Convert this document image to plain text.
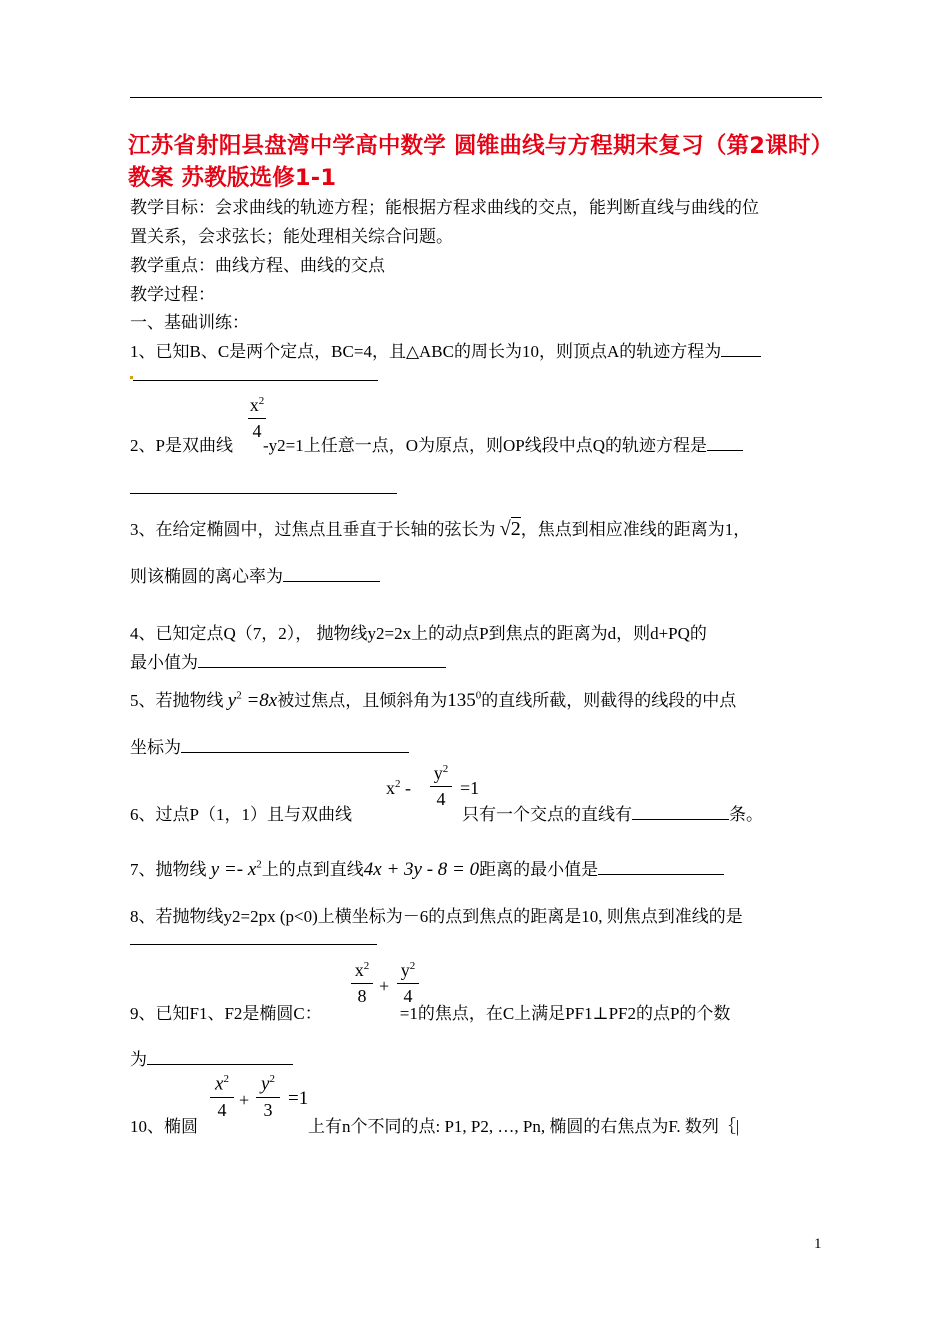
江苏省射阳县盘湾中学高中数学 圆锥曲线与方程期末复习（第2课时）教案 苏教版选修1-1
教学目标：会求曲线的轨迹方程；能根据方程求曲线的交点，能判断直线与曲线的位
置关系，会求弦长；能处理相关综合问题。
教学重点：曲线方程、曲线的交点
教学过程：
一、基础训练：
1、已知B、C是两个定点，BC=4，且△ABC的周长为10，则顶点A的轨迹方程为
$x^2$
4
2、P是双曲线 -y2=1上任意一点，O为原点，则OP线段中点Q的轨迹方程是
3、在给定椭圆中，过焦点且垂直于长轴的弦长为 √2，焦点到相应准线的距离为1，
则该椭圆的离心率为
4、已知定点Q（7，2）， 抛物线y2=2x上的动点P到焦点的距离为d，则d+PQ的
最小值为
5、若抛物线 $y^2 =8x$被过焦点，且倾斜角为$135^0$的直线所截，则截得的线段的中点
坐标为
$x^2$ -
$y^2$
4
=1
6、过点P（1，1）且与双曲线	只有一个交点的直线有	条。
7、抛物线 $y =- x^2$上的点到直线4x + 3y - 8 = 0距离的最小值是
8、若抛物线y2=2px (p<0)上横坐标为－6的点到焦点的距离是10, 则焦点到准线的是
$x^2$
8 +
$y^2$
4
9、已知F1、F2是椭圆C：	=1的焦点，在C上满足PF1⊥PF2的点P的个数
为
$x^2$
4
+
$y^2$
3
=1
10、椭圆	上有n个不同的点: P1, P2, …, Pn, 椭圆的右焦点为F. 数列｛|
1
